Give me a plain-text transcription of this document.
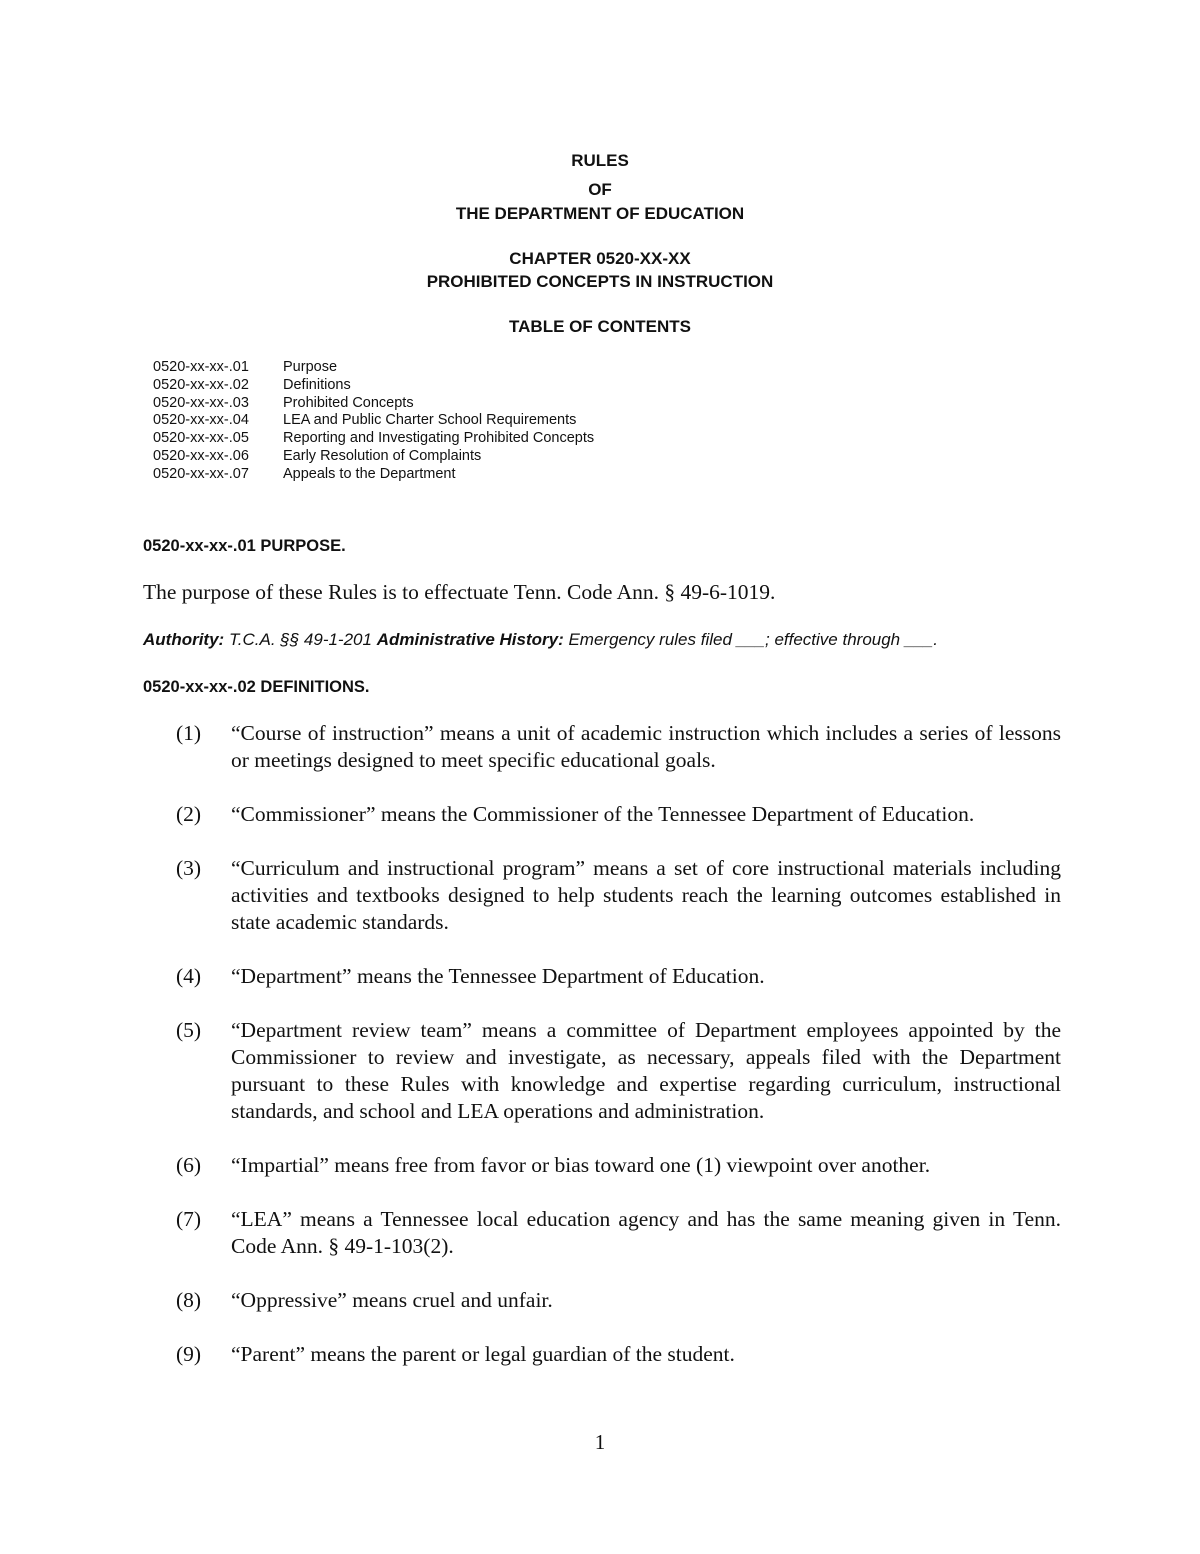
RULES
OF
THE DEPARTMENT OF EDUCATION
CHAPTER 0520-XX-XX
PROHIBITED CONCEPTS IN INSTRUCTION
TABLE OF CONTENTS
0520-xx-xx-.01	Purpose
0520-xx-xx-.02	Definitions
0520-xx-xx-.03	Prohibited Concepts
0520-xx-xx-.04	LEA and Public Charter School Requirements
0520-xx-xx-.05	Reporting and Investigating Prohibited Concepts
0520-xx-xx-.06	Early Resolution of Complaints
0520-xx-xx-.07	Appeals to the Department
0520-xx-xx-.01 PURPOSE.
The purpose of these Rules is to effectuate Tenn. Code Ann. § 49-6-1019.
Authority: T.C.A. §§ 49-1-201 Administrative History: Emergency rules filed ___; effective through ___.
0520-xx-xx-.02 DEFINITIONS.
(1)	“Course of instruction” means a unit of academic instruction which includes a series of lessons or meetings designed to meet specific educational goals.
(2)	“Commissioner” means the Commissioner of the Tennessee Department of Education.
(3)	“Curriculum and instructional program” means a set of core instructional materials including activities and textbooks designed to help students reach the learning outcomes established in state academic standards.
(4)	“Department” means the Tennessee Department of Education.
(5)	“Department review team” means a committee of Department employees appointed by the Commissioner to review and investigate, as necessary, appeals filed with the Department pursuant to these Rules with knowledge and expertise regarding curriculum, instructional standards, and school and LEA operations and administration.
(6)	“Impartial” means free from favor or bias toward one (1) viewpoint over another.
(7)	“LEA” means a Tennessee local education agency and has the same meaning given in Tenn. Code Ann. § 49-1-103(2).
(8)	“Oppressive” means cruel and unfair.
(9)	“Parent” means the parent or legal guardian of the student.
1
